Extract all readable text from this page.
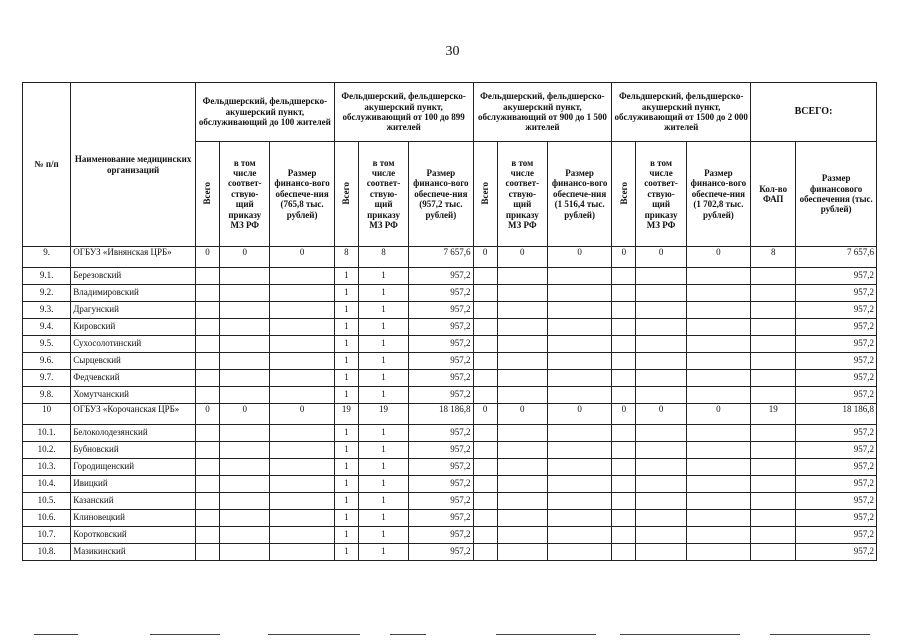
30
№ п/п	Наименование медицинских организаций	Фельдшерский, фельдшерско-акушерский пункт, обслуживающий до 100 жителей			Фельдшерский, фельдшерско-акушерский пункт, обслуживающий от 100 до 899 жителей			Фельдшерский, фельдшерско-акушерский пункт, обслуживающий от 900 до 1 500 жителей			Фельдшерский, фельдшерско-акушерский пункт, обслуживающий от 1500 до 2 000 жителей			ВСЕГО:	
		Всего	в том числе соответ-ствую-щий приказу МЗ РФ	Размер финансо-вого обеспече-ния (765,8 тыс. рублей)	Всего	в том числе соответ-ствую-щий приказу МЗ РФ	Размер финансо-вого обеспече-ния (957,2 тыс. рублей)	Всего	в том числе соответ-ствую-щий приказу МЗ РФ	Размер финансо-вого обеспече-ния (1 516,4 тыс. рублей)	Всего	в том числе соответ-ствую-щий приказу МЗ РФ	Размер финансо-вого обеспече-ния (1 702,8 тыс. рублей)	Кол-во ФАП	Размер финансового обеспечения (тыс. рублей)
9.	ОГБУЗ «Ивнянская ЦРБ»	0	0	0	8	8	7 657,6	0	0	0	0	0	0	8	7 657,6
9.1.	Березовский				1	1	957,2								957,2
9.2.	Владимировский				1	1	957,2								957,2
9.3.	Драгунский				1	1	957,2								957,2
9.4.	Кировский				1	1	957,2								957,2
9.5.	Сухосолотинский				1	1	957,2								957,2
9.6.	Сырцевский				1	1	957,2								957,2
9.7.	Федчевский				1	1	957,2								957,2
9.8.	Хомутчанский				1	1	957,2								957,2
10	ОГБУЗ «Корочанская ЦРБ»	0	0	0	19	19	18 186,8	0	0	0	0	0	0	19	18 186,8
10.1.	Белоколодезянский				1	1	957,2								957,2
10.2.	Бубновский				1	1	957,2								957,2
10.3.	Городищенский				1	1	957,2								957,2
10.4.	Ивицкий				1	1	957,2								957,2
10.5.	Казанский				1	1	957,2								957,2
10.6.	Клиновецкий				1	1	957,2								957,2
10.7.	Коротковский				1	1	957,2								957,2
10.8.	Мазикинский				1	1	957,2								957,2
